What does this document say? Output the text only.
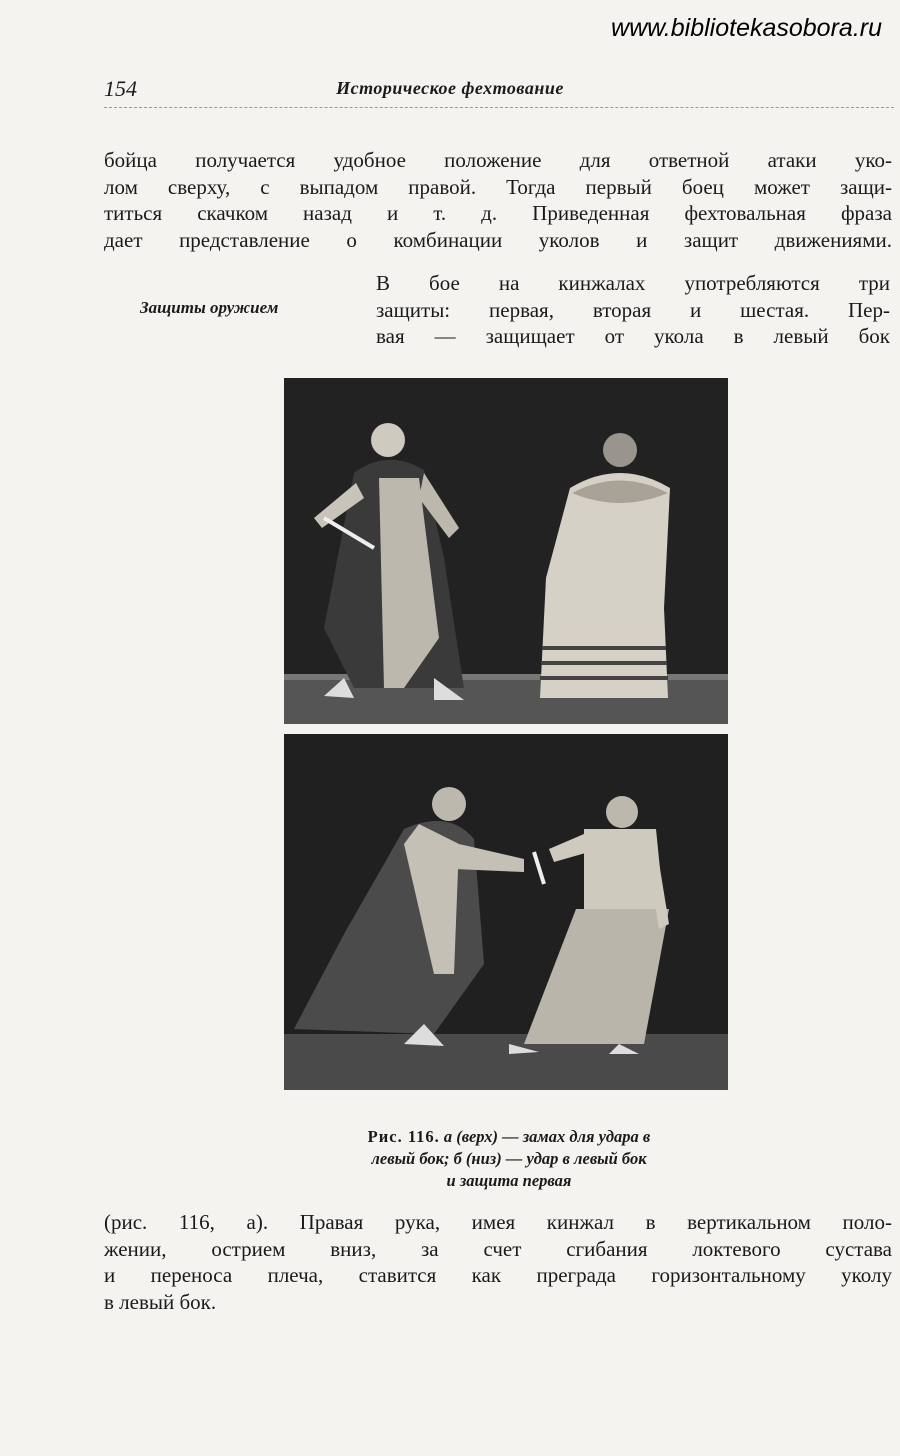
www.bibliotekasobora.ru
154	Историческое фехтование
бойца получается удобное положение для ответной атаки уко-
лом сверху, с выпадом правой. Тогда первый боец может защи-
титься скачком назад и т. д. Приведенная фехтовальная фраза
дает представление о комбинации уколов и защит движениями.
Защиты оружием
В бое на кинжалах употребляются три
защиты: первая, вторая и шестая. Пер-
вая — защищает от укола в левый бок
Рис. 116. а (верх) — замах для удара в
левый бок; б (низ) — удар в левый бок
и защита первая
(рис. 116, а). Правая рука, имея кинжал в вертикальном поло-
жении, острием вниз, за счет сгибания локтевого сустава
и переноса плеча, ставится как преграда горизонтальному уколу
в левый бок.
